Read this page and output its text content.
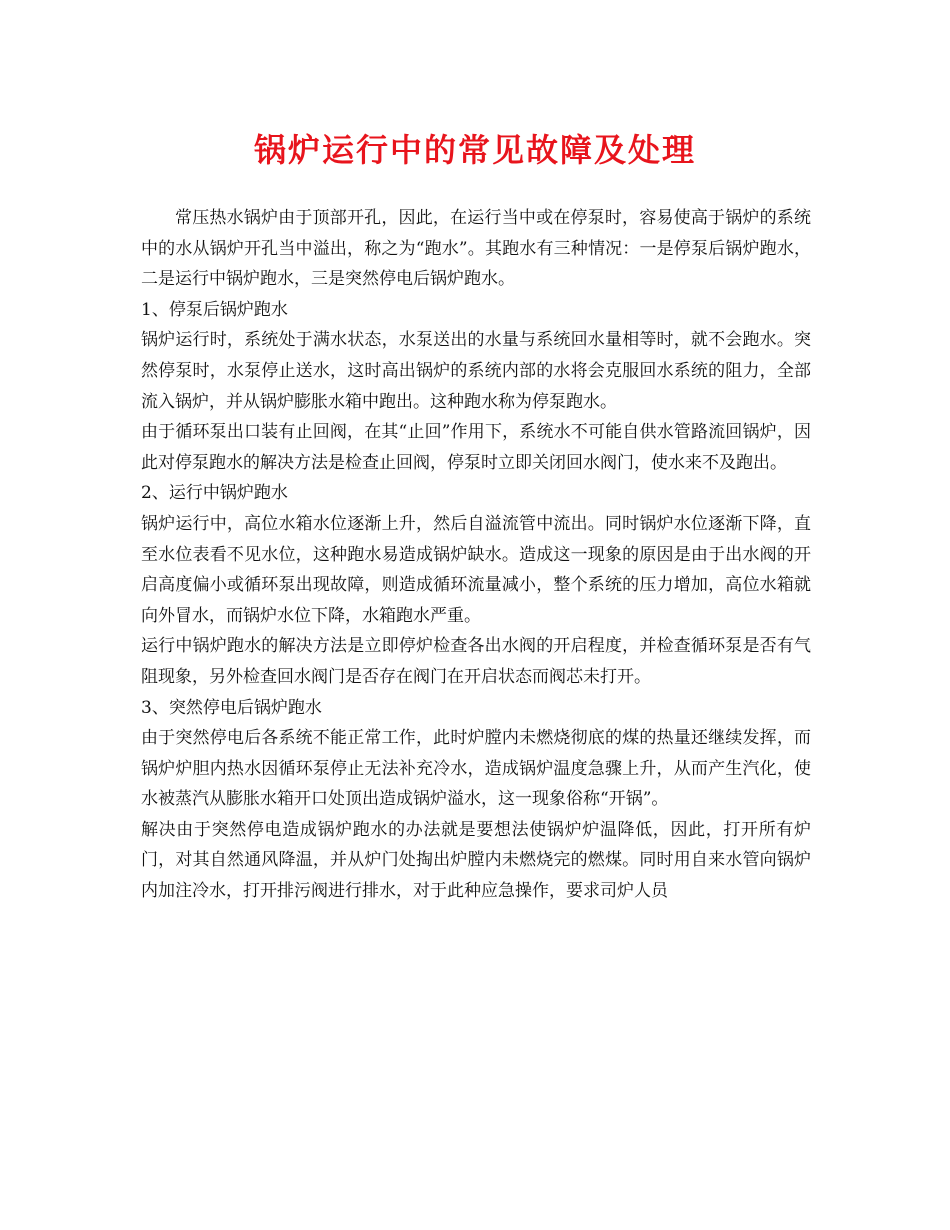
锅炉运行中的常见故障及处理

常压热水锅炉由于顶部开孔，因此，在运行当中或在停泵时，容易使高于锅炉的系统中的水从锅炉开孔当中溢出，称之为“跑水”。其跑水有三种情况：一是停泵后锅炉跑水，二是运行中锅炉跑水，三是突然停电后锅炉跑水。

1、停泵后锅炉跑水

锅炉运行时，系统处于满水状态，水泵送出的水量与系统回水量相等时，就不会跑水。突然停泵时，水泵停止送水，这时高出锅炉的系统内部的水将会克服回水系统的阻力，全部流入锅炉，并从锅炉膨胀水箱中跑出。这种跑水称为停泵跑水。

由于循环泵出口装有止回阀，在其“止回”作用下，系统水不可能自供水管路流回锅炉，因此对停泵跑水的解决方法是检查止回阀，停泵时立即关闭回水阀门，使水来不及跑出。

2、运行中锅炉跑水

锅炉运行中，高位水箱水位逐渐上升，然后自溢流管中流出。同时锅炉水位逐渐下降，直至水位表看不见水位，这种跑水易造成锅炉缺水。造成这一现象的原因是由于出水阀的开启高度偏小或循环泵出现故障，则造成循环流量减小，整个系统的压力增加，高位水箱就向外冒水，而锅炉水位下降，水箱跑水严重。

运行中锅炉跑水的解决方法是立即停炉检查各出水阀的开启程度，并检查循环泵是否有气阻现象，另外检查回水阀门是否存在阀门在开启状态而阀芯未打开。

3、突然停电后锅炉跑水

由于突然停电后各系统不能正常工作，此时炉膛内未燃烧彻底的煤的热量还继续发挥，而锅炉炉胆内热水因循环泵停止无法补充冷水，造成锅炉温度急骤上升，从而产生汽化，使水被蒸汽从膨胀水箱开口处顶出造成锅炉溢水，这一现象俗称“开锅”。

解决由于突然停电造成锅炉跑水的办法就是要想法使锅炉炉温降低，因此，打开所有炉门，对其自然通风降温，并从炉门处掏出炉膛内未燃烧完的燃煤。同时用自来水管向锅炉内加注冷水，打开排污阀进行排水，对于此种应急操作，要求司炉人员
